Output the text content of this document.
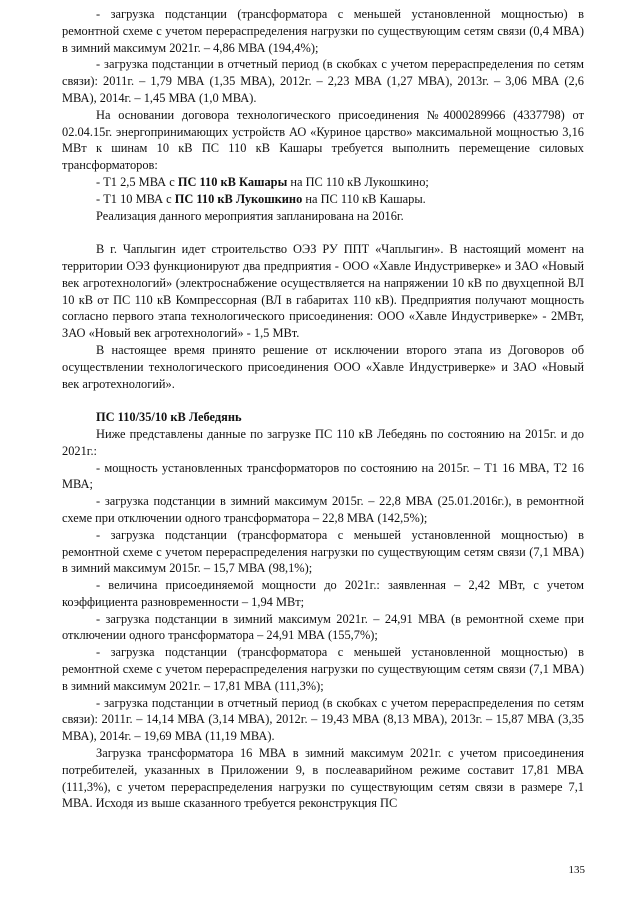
- загрузка подстанции (трансформатора с меньшей установленной мощностью) в ремонтной схеме с учетом перераспределения нагрузки по существующим сетям связи (0,4 МВА) в зимний максимум 2021г. – 4,86 МВА (194,4%);

- загрузка подстанции в отчетный период (в скобках с учетом перераспределения по сетям связи): 2011г. – 1,79 МВА (1,35 МВА), 2012г. – 2,23 МВА (1,27 МВА), 2013г. – 3,06 МВА (2,6 МВА), 2014г. – 1,45 МВА (1,0 МВА).

На основании договора технологического присоединения №4000289966 (4337798) от 02.04.15г. энергопринимающих устройств АО «Куриное царство» максимальной мощностью 3,16 МВт к шинам 10 кВ ПС 110 кВ Кашары требуется выполнить перемещение силовых трансформаторов:

- Т1 2,5 МВА с ПС 110 кВ Кашары на ПС 110 кВ Лукошкино;

- Т1 10 МВА с ПС 110 кВ Лукошкино на ПС 110 кВ Кашары.

Реализация данного мероприятия запланирована на 2016г.

В г. Чаплыгин идет строительство ОЭЗ РУ ППТ «Чаплыгин». В настоящий момент на территории ОЭЗ функционируют два предприятия - ООО «Хавле Индустриверке» и ЗАО «Новый век агротехнологий» (электроснабжение осуществляется на напряжении 10 кВ по двухцепной ВЛ 10 кВ от ПС 110 кВ Компрессорная (ВЛ в габаритах 110 кВ). Предприятия получают мощность согласно первого этапа технологического присоединения: ООО «Хавле Индустриверке» - 2МВт, ЗАО «Новый век агротехнологий» - 1,5 МВт.

В настоящее время принято решение от исключении второго этапа из Договоров об осуществлении технологического присоединения ООО «Хавле Индустриверке» и ЗАО «Новый век агротехнологий».

ПС 110/35/10 кВ Лебедянь

Ниже представлены данные по загрузке ПС 110 кВ Лебедянь по состоянию на 2015г. и до 2021г.:

- мощность установленных трансформаторов по состоянию на 2015г. – Т1 16 МВА, Т2 16 МВА;

- загрузка подстанции в зимний максимум 2015г. – 22,8 МВА (25.01.2016г.), в ремонтной схеме при отключении одного трансформатора – 22,8 МВА (142,5%);

- загрузка подстанции (трансформатора с меньшей установленной мощностью) в ремонтной схеме с учетом перераспределения нагрузки по существующим сетям связи (7,1 МВА) в зимний максимум 2015г. – 15,7 МВА (98,1%);

- величина присоединяемой мощности до 2021г.: заявленная – 2,42 МВт, с учетом коэффициента разновременности – 1,94 МВт;

- загрузка подстанции в зимний максимум 2021г. – 24,91 МВА (в ремонтной схеме при отключении одного трансформатора – 24,91 МВА (155,7%);

- загрузка подстанции (трансформатора с меньшей установленной мощностью) в ремонтной схеме с учетом перераспределения нагрузки по существующим сетям связи (7,1 МВА) в зимний максимум 2021г. – 17,81 МВА (111,3%);

- загрузка подстанции в отчетный период (в скобках с учетом перераспределения по сетям связи): 2011г. – 14,14 МВА (3,14 МВА), 2012г. – 19,43 МВА (8,13 МВА), 2013г. – 15,87 МВА (3,35 МВА), 2014г. – 19,69 МВА (11,19 МВА).

Загрузка трансформатора 16 МВА в зимний максимум 2021г. с учетом присоединения потребителей, указанных в Приложении 9, в послеаварийном режиме составит 17,81 МВА (111,3%), с учетом перераспределения нагрузки по существующим сетям связи в размере 7,1 МВА. Исходя из выше сказанного требуется реконструкция ПС

135
